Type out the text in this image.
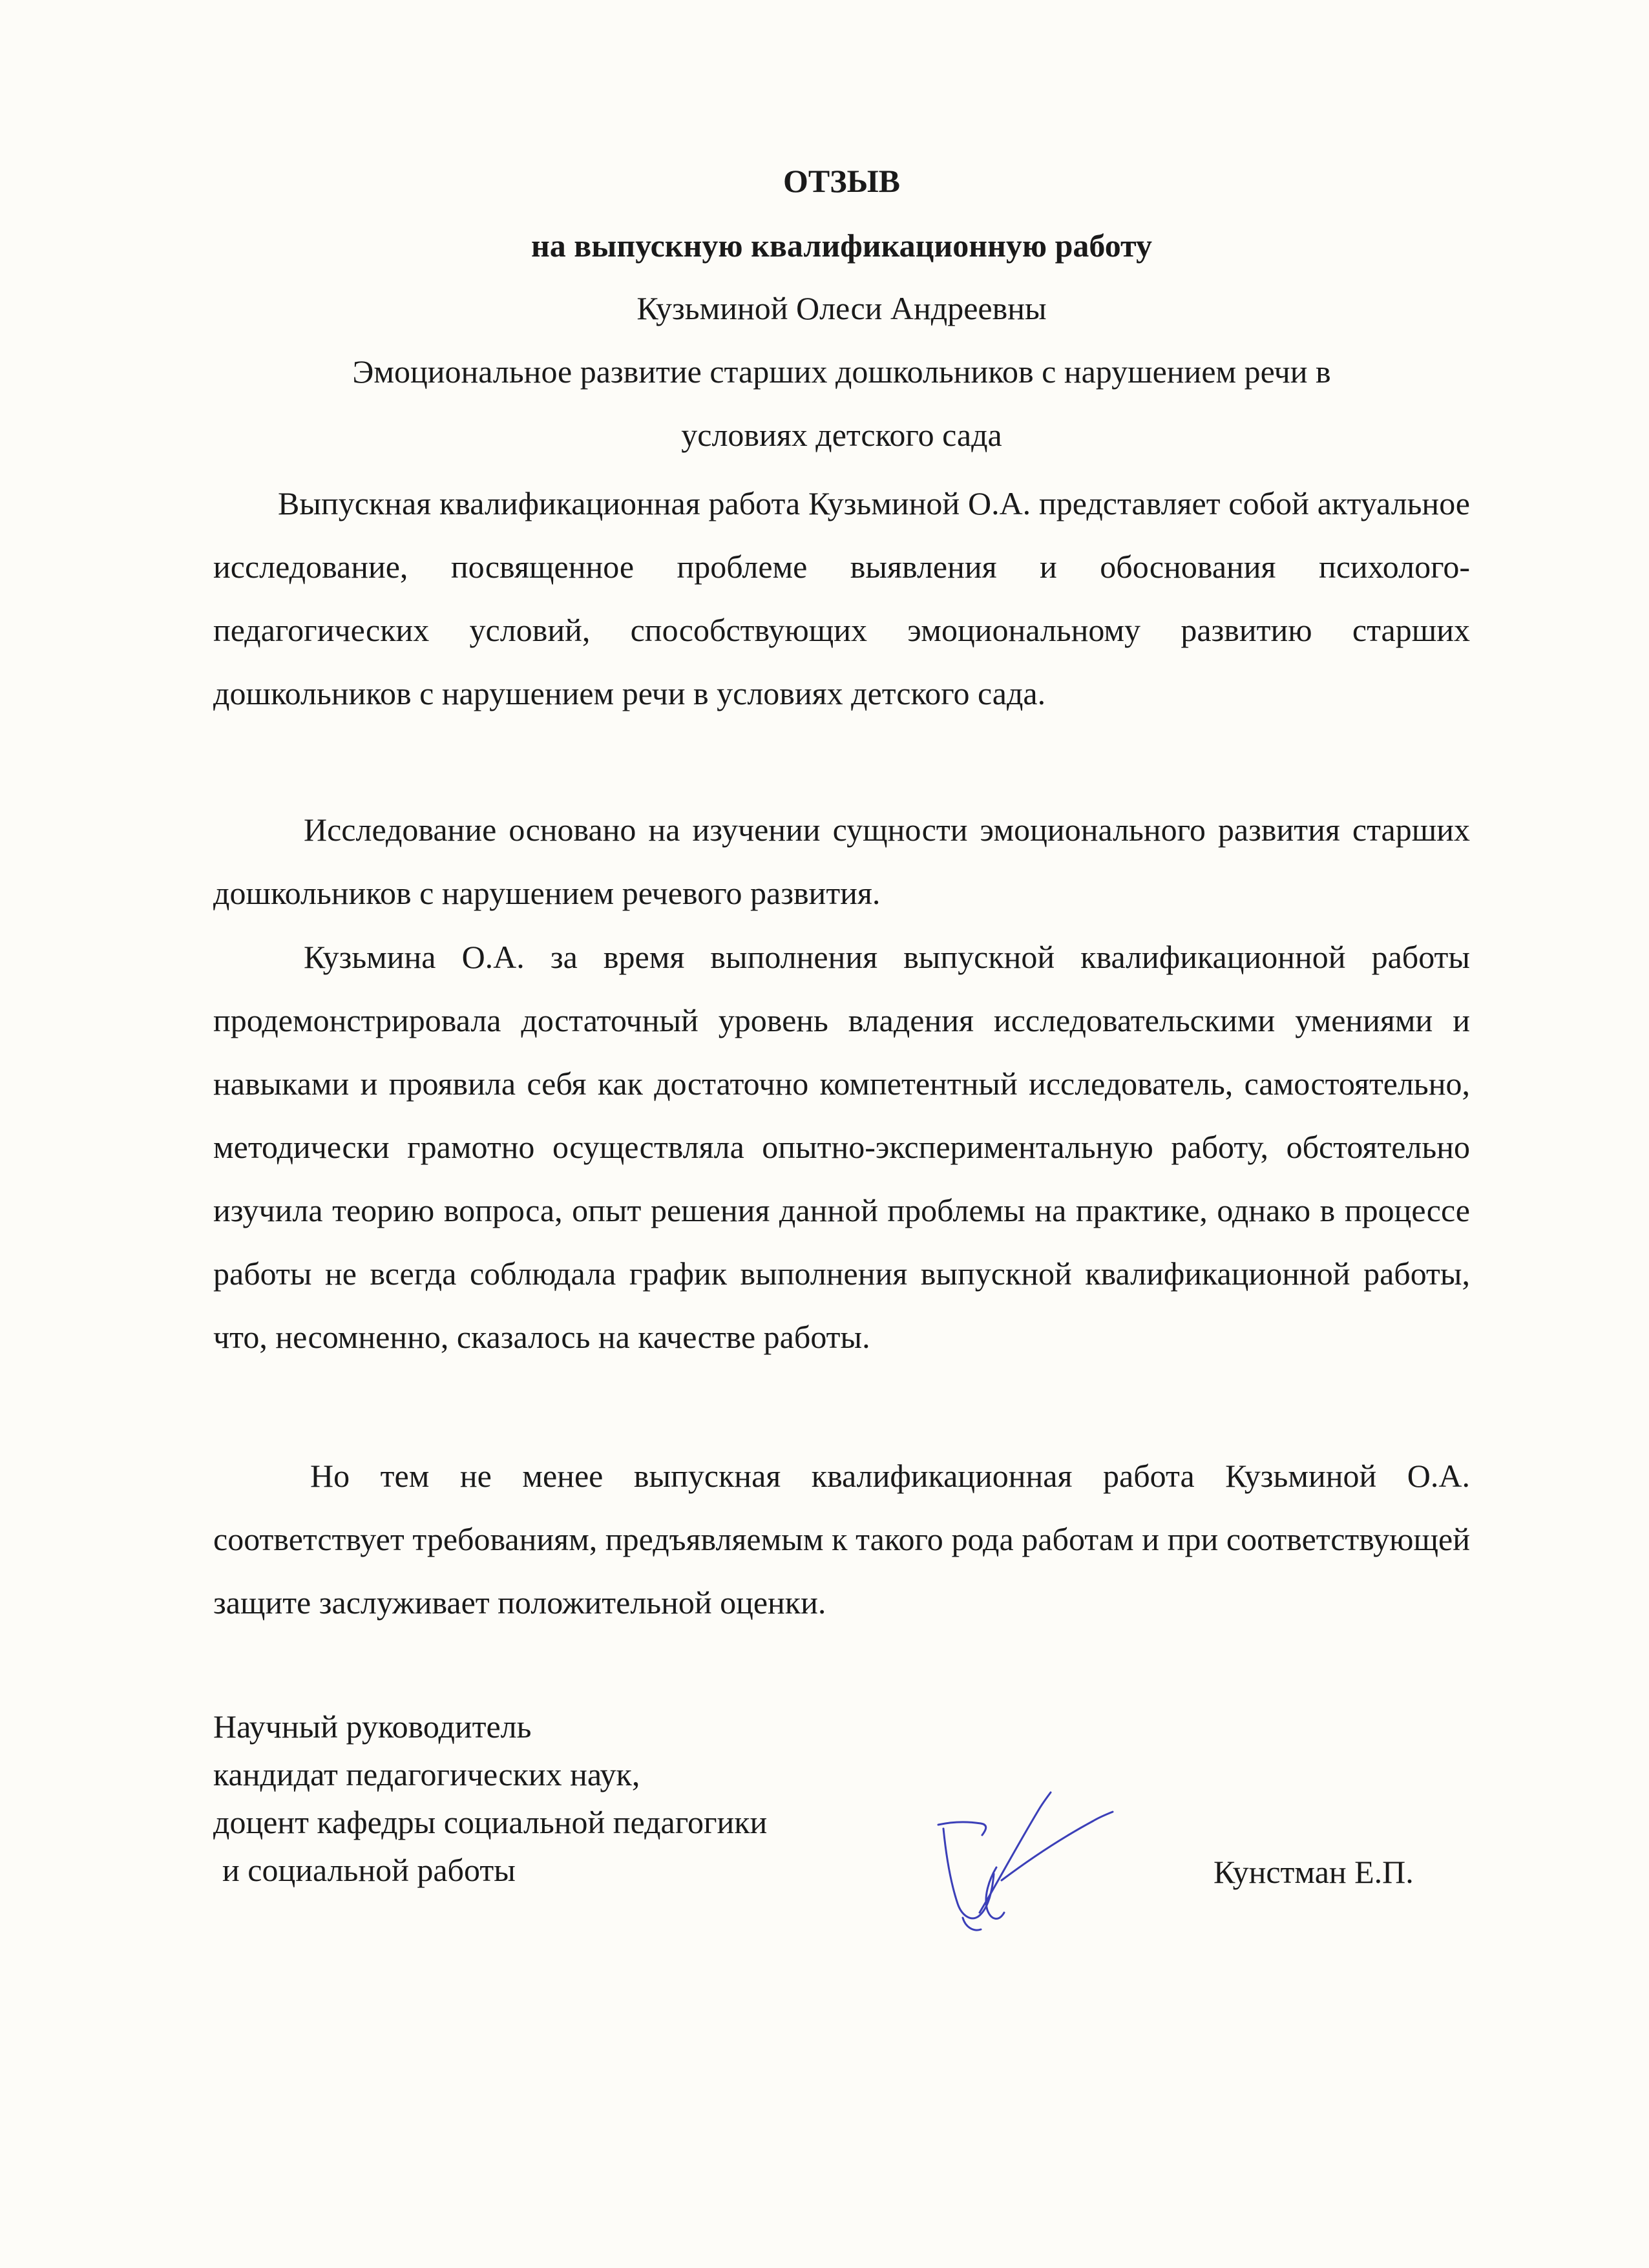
ОТЗЫВ
на выпускную квалификационную работу
Кузьминой Олеси Андреевны
Эмоциональное развитие старших дошкольников с нарушением речи в
условиях детского сада

Выпускная квалификационная работа Кузьминой О.А. представляет собой актуальное исследование, посвященное проблеме выявления и обоснования психолого-педагогических условий, способствующих эмоциональному развитию старших дошкольников с нарушением речи в условиях детского сада.

Исследование основано на изучении сущности эмоционального развития старших дошкольников с нарушением речевого развития.

Кузьмина О.А. за время выполнения выпускной квалификационной работы продемонстрировала достаточный уровень владения исследовательскими умениями и навыками и проявила себя как достаточно компетентный исследователь, самостоятельно, методически грамотно осуществляла опытно-экспериментальную работу, обстоятельно изучила теорию вопроса, опыт решения данной проблемы на практике, однако в процессе работы не всегда соблюдала график выполнения выпускной квалификационной работы, что, несомненно, сказалось на качестве работы.

Но тем не менее выпускная квалификационная работа Кузьминой О.А. соответствует требованиям, предъявляемым к такого рода работам и при соответствующей защите заслуживает положительной оценки.

Научный руководитель
кандидат педагогических наук,
доцент кафедры социальной педагогики
и социальной работы	Кунстман Е.П.
